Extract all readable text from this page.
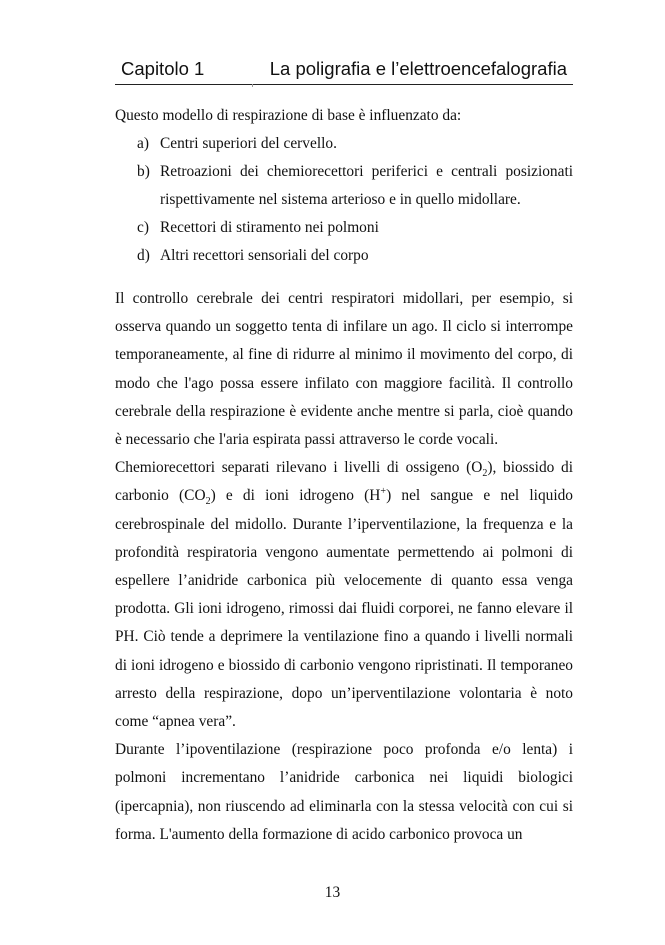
Capitolo 1	La poligrafia e l’elettroencefalografia

Questo modello di respirazione di base è influenzato da:

a) Centri superiori del cervello.
b) Retroazioni dei chemiorecettori periferici e centrali posizionati rispettivamente nel sistema arterioso e in quello midollare.
c) Recettori di stiramento nei polmoni
d) Altri recettori sensoriali del corpo

Il controllo cerebrale dei centri respiratori midollari, per esempio, si osserva quando un soggetto tenta di infilare un ago. Il ciclo si interrompe temporaneamente, al fine di ridurre al minimo il movimento del corpo, di modo che l'ago possa essere infilato con maggiore facilità. Il controllo cerebrale della respirazione è evidente anche mentre si parla, cioè quando è necessario che l'aria espirata passi attraverso le corde vocali.

Chemiorecettori separati rilevano i livelli di ossigeno $(O_2)$, biossido di carbonio $(CO_2)$ e di ioni idrogeno (H+) nel sangue e nel liquido cerebrospinale del midollo. Durante l’iperventilazione, la frequenza e la profondità respiratoria vengono aumentate permettendo ai polmoni di espellere l’anidride carbonica più velocemente di quanto essa venga prodotta. Gli ioni idrogeno, rimossi dai fluidi corporei, ne fanno elevare il PH. Ciò tende a deprimere la ventilazione fino a quando i livelli normali di ioni idrogeno e biossido di carbonio vengono ripristinati. Il temporaneo arresto della respirazione, dopo un’iperventilazione volontaria è noto come “apnea vera”.

Durante l’ipoventilazione (respirazione poco profonda e/o lenta) i polmoni incrementano l’anidride carbonica nei liquidi biologici (ipercapnia), non riuscendo ad eliminarla con la stessa velocità con cui si forma. L'aumento della formazione di acido carbonico provoca un

13
